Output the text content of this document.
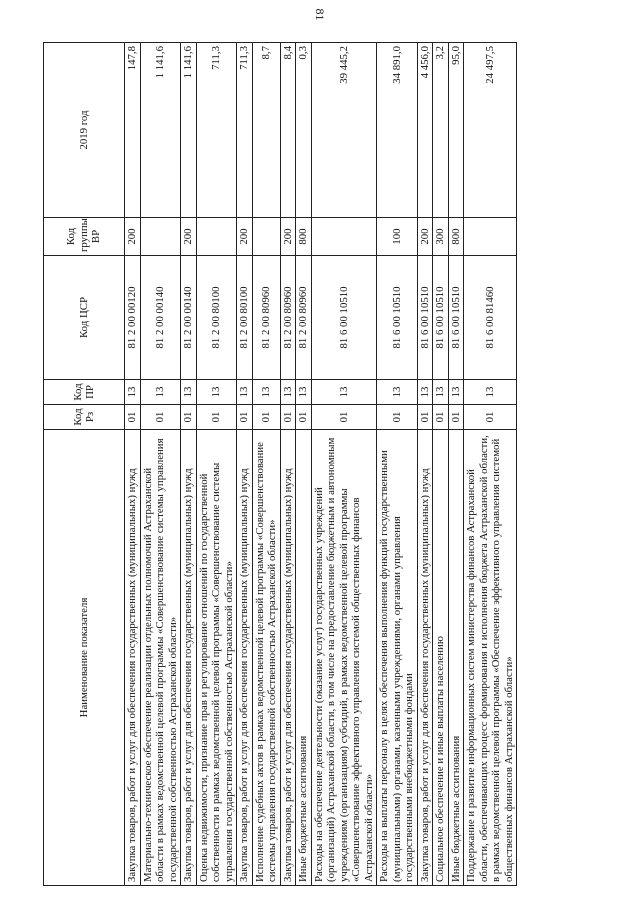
81
Наименование показателя	Код Рз	Код ПР	Код ЦСР	Код группы ВР	2019 год
Закупка товаров, работ и услуг для обеспечения государственных (муниципальных) нужд	01	13	81 2 00 00120	200	147,8
Материально-техническое обеспечение реализации отдельных полномочий Астраханской области в рамках ведомственной целевой программы «Совершенствование системы управления государственной собственностью Астраханской области»	01	13	81 2 00 00140		1 141,6
Закупка товаров, работ и услуг для обеспечения государственных (муниципальных) нужд	01	13	81 2 00 00140	200	1 141,6
Оценка недвижимости, признание прав и регулирование отношений по государственной собственности в рамках ведомственной целевой программы «Совершенствование системы управления государственной собственностью Астраханской области»	01	13	81 2 00 80100		711,3
Закупка товаров, работ и услуг для обеспечения государственных (муниципальных) нужд	01	13	81 2 00 80100	200	711,3
Исполнение судебных актов в рамках ведомственной целевой программы «Совершенствование системы управления государственной собственностью Астраханской области»	01	13	81 2 00 80960		8,7
Закупка товаров, работ и услуг для обеспечения государственных (муниципальных) нужд	01	13	81 2 00 80960	200	8,4
Иные бюджетные ассигнования	01	13	81 2 00 80960	800	0,3
Расходы на обеспечение деятельности (оказание услуг) государственных учреждений (организаций) Астраханской области, в том числе на предоставление бюджетным и автономным учреждениям (организациям) субсидий, в рамках ведомственной целевой программы «Совершенствование эффективного управления системой общественных финансов Астраханской области»	01	13	81 6 00 10510		39 445,2
Расходы на выплаты персоналу в целях обеспечения выполнения функций государственными (муниципальными) органами, казенными учреждениями, органами управления государственными внебюджетными фондами	01	13	81 6 00 10510	100	34 891,0
Закупка товаров, работ и услуг для обеспечения государственных (муниципальных) нужд	01	13	81 6 00 10510	200	4 456,0
Социальное обеспечение и иные выплаты населению	01	13	81 6 00 10510	300	3,2
Иные бюджетные ассигнования	01	13	81 6 00 10510	800	95,0
Поддержание и развитие информационных систем министерства финансов Астраханской области, обеспечивающих процесс формирования и исполнения бюджета Астраханской области, в рамках ведомственной целевой программы «Обеспечение эффективного управления системой общественных финансов Астраханской области»	01	13	81 6 00 81460		24 497,5
